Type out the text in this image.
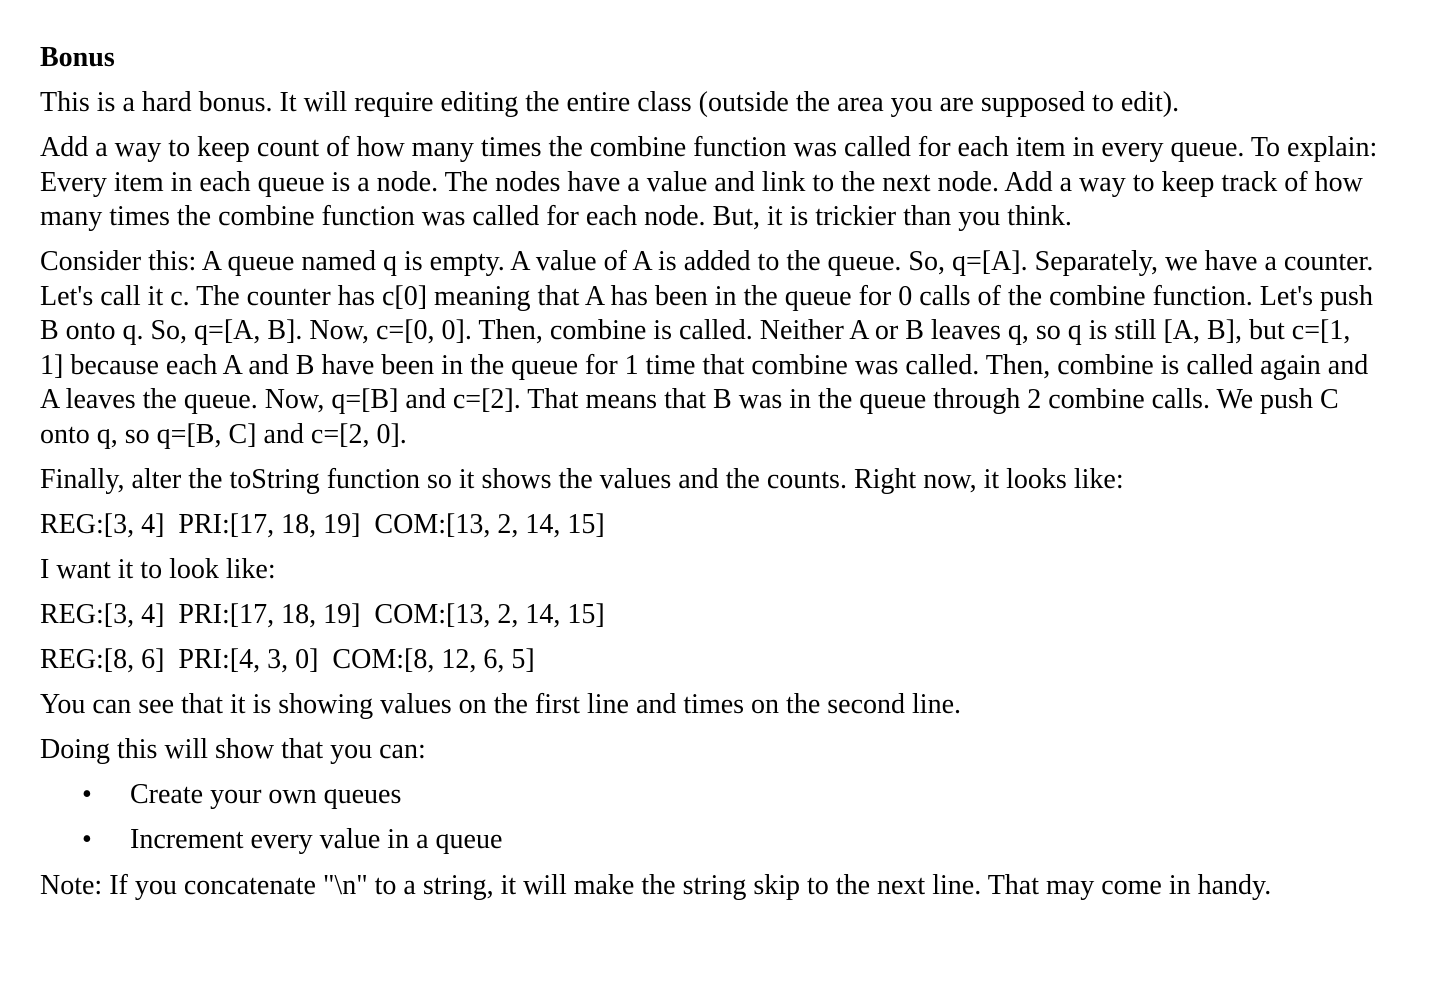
Bonus

This is a hard bonus. It will require editing the entire class (outside the area you are supposed to edit).

Add a way to keep count of how many times the combine function was called for each item in every queue. To explain: Every item in each queue is a node. The nodes have a value and link to the next node. Add a way to keep track of how many times the combine function was called for each node. But, it is trickier than you think.

Consider this: A queue named q is empty. A value of A is added to the queue. So, q=[A]. Separately, we have a counter. Let's call it c. The counter has c[0] meaning that A has been in the queue for 0 calls of the combine function. Let's push B onto q. So, q=[A, B]. Now, c=[0, 0]. Then, combine is called. Neither A or B leaves q, so q is still [A, B], but c=[1, 1] because each A and B have been in the queue for 1 time that combine was called. Then, combine is called again and A leaves the queue. Now, q=[B] and c=[2]. That means that B was in the queue through 2 combine calls. We push C onto q, so q=[B, C] and c=[2, 0].

Finally, alter the toString function so it shows the values and the counts. Right now, it looks like:

REG:[3, 4]  PRI:[17, 18, 19]  COM:[13, 2, 14, 15]

I want it to look like:

REG:[3, 4]  PRI:[17, 18, 19]  COM:[13, 2, 14, 15]

REG:[8, 6]  PRI:[4, 3, 0]  COM:[8, 12, 6, 5]

You can see that it is showing values on the first line and times on the second line.

Doing this will show that you can:

• Create your own queues
• Increment every value in a queue

Note: If you concatenate "\n" to a string, it will make the string skip to the next line. That may come in handy.
